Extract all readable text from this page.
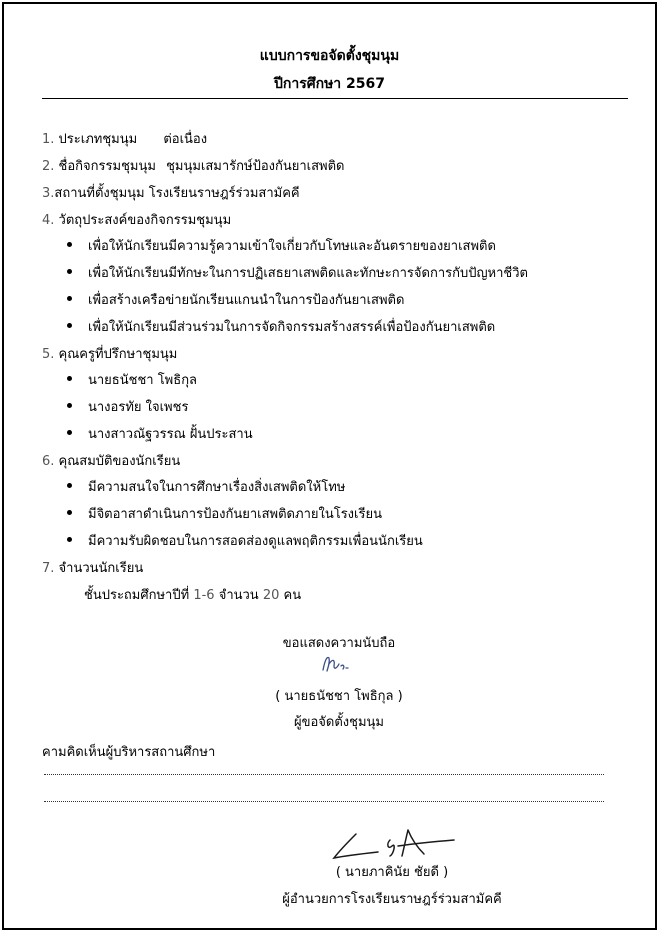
แบบการขอจัดตั้งชุมนุม
ปีการศึกษา 2567
1. ประเภทชุมนุม ต่อเนื่อง
2. ชื่อกิจกรรมชุมนุม ชุมนุมเสมารักษ์ป้องกันยาเสพติด
3.สถานที่ตั้งชุมนุม โรงเรียนราษฎร์ร่วมสามัคคี
4. วัตถุประสงค์ของกิจกรรมชุมนุม
เพื่อให้นักเรียนมีความรู้ความเข้าใจเกี่ยวกับโทษและอันตรายของยาเสพติด
เพื่อให้นักเรียนมีทักษะในการปฏิเสธยาเสพติดและทักษะการจัดการกับปัญหาชีวิต
เพื่อสร้างเครือข่ายนักเรียนแกนนำในการป้องกันยาเสพติด
เพื่อให้นักเรียนมีส่วนร่วมในการจัดกิจกรรมสร้างสรรค์เพื่อป้องกันยาเสพติด
5. คุณครูที่ปรึกษาชุมนุม
นายธนัชชา โพธิกุล
นางอรทัย ใจเพชร
นางสาวณัฐวรรณ ฝั้นประสาน
6. คุณสมบัติของนักเรียน
มีความสนใจในการศึกษาเรื่องสิ่งเสพติดให้โทษ
มีจิตอาสาดำเนินการป้องกันยาเสพติดภายในโรงเรียน
มีความรับผิดชอบในการสอดส่องดูแลพฤติกรรมเพื่อนนักเรียน
7. จำนวนนักเรียน
ชั้นประถมศึกษาปีที่ 1-6 จำนวน 20 คน
ขอแสดงความนับถือ
( นายธนัชชา โพธิกุล )
ผู้ขอจัดตั้งชุมนุม
คามคิดเห็นผู้บริหารสถานศึกษา
( นายภาคินัย ชัยดี )
ผู้อำนวยการโรงเรียนราษฎร์ร่วมสามัคคี
